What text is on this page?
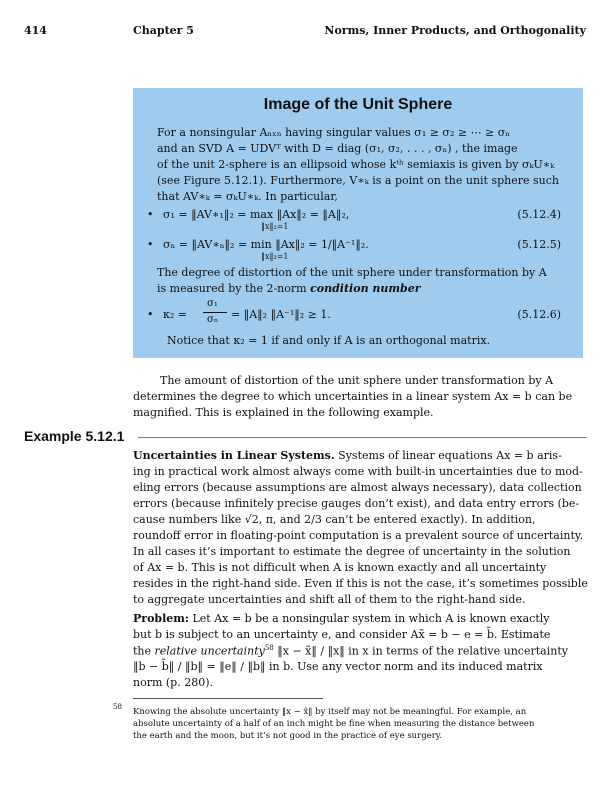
414	Chapter 5	Norms, Inner Products, and Orthogonality
Image of the Unit Sphere
For a nonsingular Aₙₓₙ having singular values σ₁ ≥ σ₂ ≥ ⋯ ≥ σₙ
and an SVD A = UDVᵀ with D = diag (σ₁, σ₂, . . . , σₙ) , the image
of the unit 2-sphere is an ellipsoid whose kᵗʰ semiaxis is given by σₖU∗ₖ
(see Figure 5.12.1). Furthermore, V∗ₖ is a point on the unit sphere such
that AV∗ₖ = σₖU∗ₖ. In particular,
• σ₁ = ‖AV∗₁‖₂ = max ‖Ax‖₂ = ‖A‖₂,
‖x‖₂=1
(5.12.4)
• σₙ = ‖AV∗ₙ‖₂ = min ‖Ax‖₂ = 1/‖A⁻¹‖₂.
‖x‖₂=1
(5.12.5)
The degree of distortion of the unit sphere under transformation by A
is measured by the 2-norm condition number
• κ₂ =
σ₁
σₙ = ‖A‖₂ ‖A⁻¹‖₂ ≥ 1.	(5.12.6)
Notice that κ₂ = 1 if and only if A is an orthogonal matrix.
The amount of distortion of the unit sphere under transformation by A
determines the degree to which uncertainties in a linear system Ax = b can be
magnified. This is explained in the following example.
Example 5.12.1
Uncertainties in Linear Systems. Systems of linear equations Ax = b aris-
ing in practical work almost always come with built-in uncertainties due to mod-
eling errors (because assumptions are almost always necessary), data collection
errors (because infinitely precise gauges don’t exist), and data entry errors (be-
cause numbers like √2, π, and 2/3 can’t be entered exactly). In addition,
roundoff error in floating-point computation is a prevalent source of uncertainty.
In all cases it’s important to estimate the degree of uncertainty in the solution
of Ax = b. This is not difficult when A is known exactly and all uncertainty
resides in the right-hand side. Even if this is not the case, it’s sometimes possible
to aggregate uncertainties and shift all of them to the right-hand side.
Problem: Let Ax = b be a nonsingular system in which A is known exactly
but b is subject to an uncertainty e, and consider Ax̃ = b − e = b̃. Estimate
the relative uncertainty$^{58}$ ‖x − x̃‖ / ‖x‖ in x in terms of the relative uncertainty
‖b − b̃‖ / ‖b‖ = ‖e‖ / ‖b‖ in b. Use any vector norm and its induced matrix
norm (p. 280).
58 Knowing the absolute uncertainty ‖x − x̃‖ by itself may not be meaningful. For example, an
absolute uncertainty of a half of an inch might be fine when measuring the distance between
the earth and the moon, but it’s not good in the practice of eye surgery.
